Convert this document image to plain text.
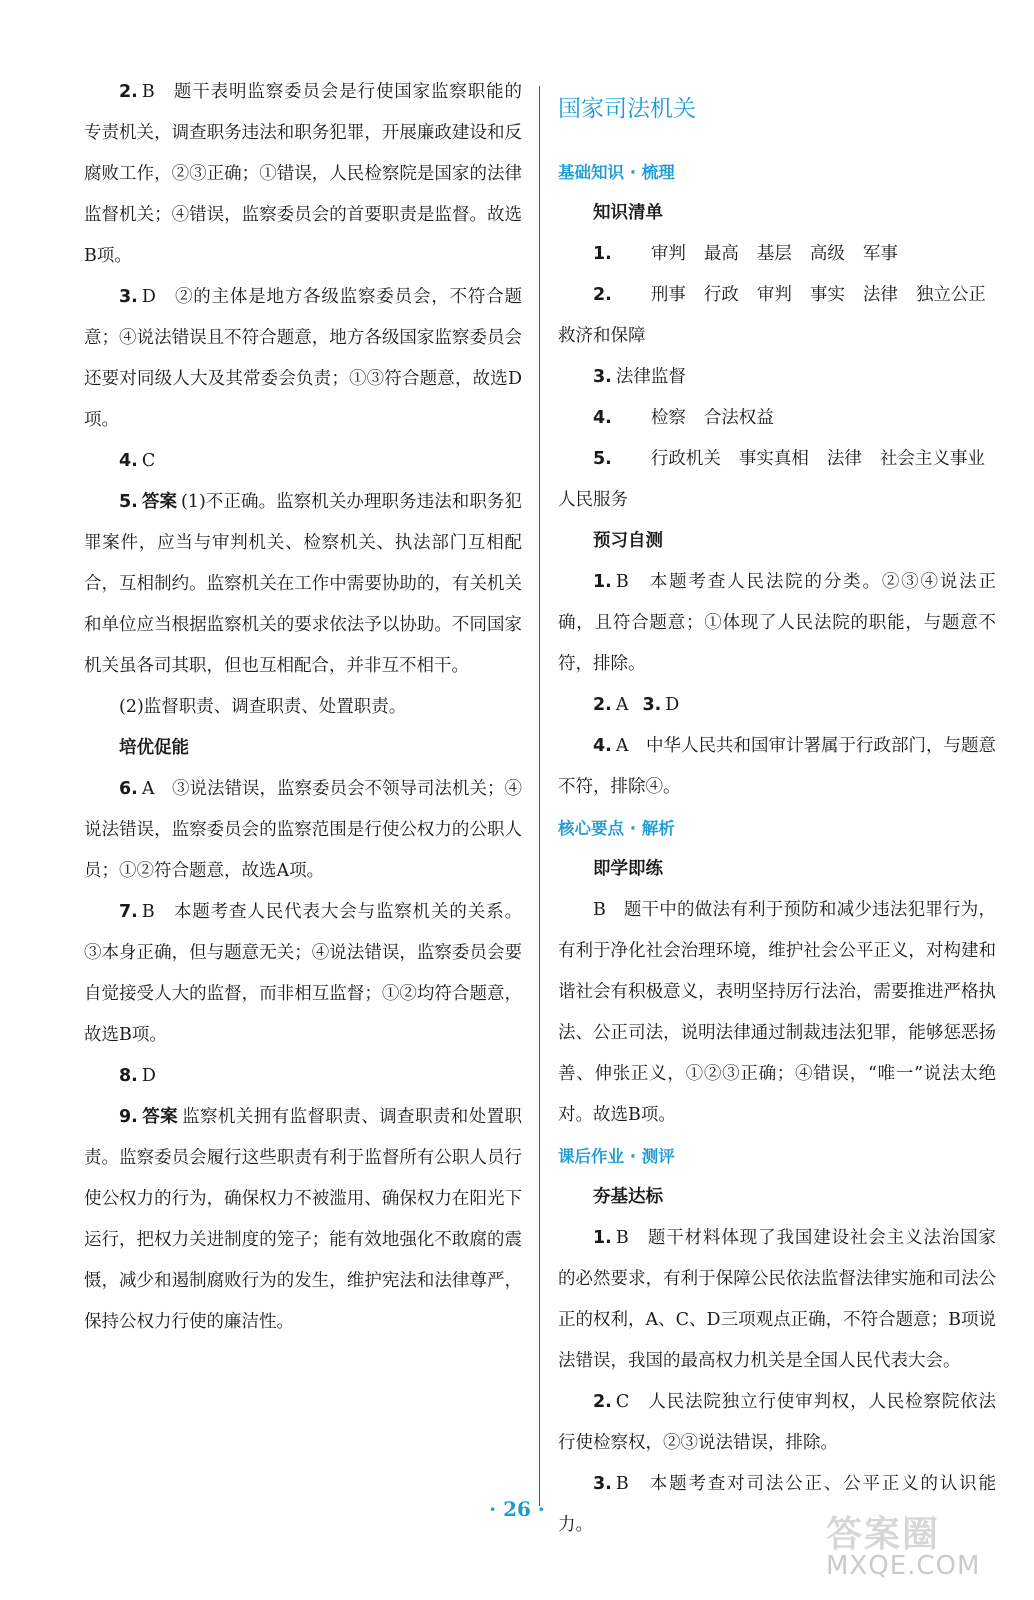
2. B　题干表明监察委员会是行使国家监察职能的专责机关，调查职务违法和职务犯罪，开展廉政建设和反腐败工作，②③正确；①错误，人民检察院是国家的法律监督机关；④错误，监察委员会的首要职责是监督。故选B项。

3. D　②的主体是地方各级监察委员会，不符合题意；④说法错误且不符合题意，地方各级国家监察委员会还要对同级人大及其常委会负责；①③符合题意，故选D项。

4. C

5. 答案 (1)不正确。监察机关办理职务违法和职务犯罪案件，应当与审判机关、检察机关、执法部门互相配合，互相制约。监察机关在工作中需要协助的，有关机关和单位应当根据监察机关的要求依法予以协助。不同国家机关虽各司其职，但也互相配合，并非互不相干。

(2)监督职责、调查职责、处置职责。

培优促能

6. A　③说法错误，监察委员会不领导司法机关；④说法错误，监察委员会的监察范围是行使公权力的公职人员；①②符合题意，故选A项。

7. B　本题考查人民代表大会与监察机关的关系。③本身正确，但与题意无关；④说法错误，监察委员会要自觉接受人大的监督，而非相互监督；①②均符合题意，故选B项。

8. D

9. 答案 监察机关拥有监督职责、调查职责和处置职责。监察委员会履行这些职责有利于监督所有公职人员行使公权力的行为，确保权力不被滥用、确保权力在阳光下运行，把权力关进制度的笼子；能有效地强化不敢腐的震慑，减少和遏制腐败行为的发生，维护宪法和法律尊严，保持公权力行使的廉洁性。

国家司法机关

基础知识 · 梳理

知识清单

1. 审判 最高 基层 高级 军事

2. 刑事 行政 审判 事实 法律 独立公正

救济和保障

3. 法律监督

4. 检察 合法权益

5. 行政机关 事实真相 法律 社会主义事业

人民服务

预习自测

1. B　本题考查人民法院的分类。②③④说法正确，且符合题意；①体现了人民法院的职能，与题意不符，排除。

2. A 3. D

4. A　中华人民共和国审计署属于行政部门，与题意不符，排除④。

核心要点 · 解析

即学即练

B　题干中的做法有利于预防和减少违法犯罪行为，有利于净化社会治理环境，维护社会公平正义，对构建和谐社会有积极意义，表明坚持厉行法治，需要推进严格执法、公正司法，说明法律通过制裁违法犯罪，能够惩恶扬善、伸张正义，①②③正确；④错误，“唯一”说法太绝对。故选B项。

课后作业 · 测评

夯基达标

1. B　题干材料体现了我国建设社会主义法治国家的必然要求，有利于保障公民依法监督法律实施和司法公正的权利，A、C、D三项观点正确，不符合题意；B项说法错误，我国的最高权力机关是全国人民代表大会。

2. C　人民法院独立行使审判权，人民检察院依法行使检察权，②③说法错误，排除。

3. B　本题考查对司法公正、公平正义的认识能力。

· 26 ·
答案圈
MXQE.COM
